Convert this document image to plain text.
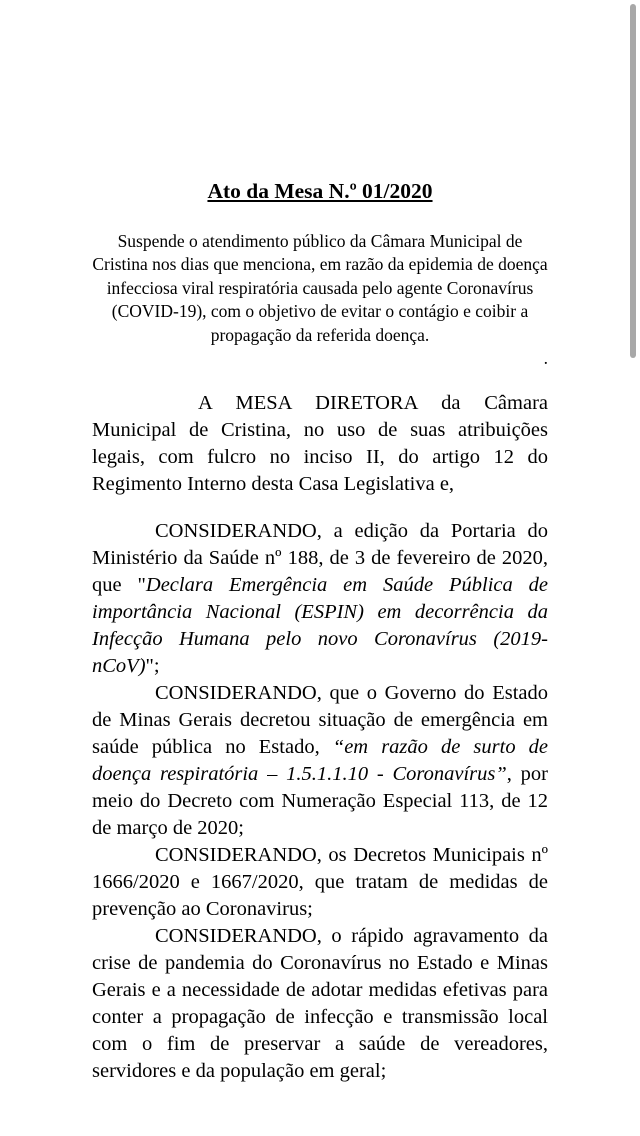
Ato da Mesa N.º 01/2020

Suspende o atendimento público da Câmara Municipal de Cristina nos dias que menciona, em razão da epidemia de doença infecciosa viral respiratória causada pelo agente Coronavírus (COVID-19), com o objetivo de evitar o contágio e coibir a propagação da referida doença.

.

A MESA DIRETORA da Câmara Municipal de Cristina, no uso de suas atribuições legais, com fulcro no inciso II, do artigo 12 do Regimento Interno desta Casa Legislativa e,

CONSIDERANDO, a edição da Portaria do Ministério da Saúde nº 188, de 3 de fevereiro de 2020, que "Declara Emergência em Saúde Pública de importância Nacional (ESPIN) em decorrência da Infecção Humana pelo novo Coronavírus (2019-nCoV)";

CONSIDERANDO, que o Governo do Estado de Minas Gerais decretou situação de emergência em saúde pública no Estado, “em razão de surto de doença respiratória – 1.5.1.1.10 - Coronavírus”, por meio do Decreto com Numeração Especial 113, de 12 de março de 2020;

CONSIDERANDO, os Decretos Municipais nº 1666/2020 e 1667/2020, que tratam de medidas de prevenção ao Coronavirus;

CONSIDERANDO, o rápido agravamento da crise de pandemia do Coronavírus no Estado e Minas Gerais e a necessidade de adotar medidas efetivas para conter a propagação de infecção e transmissão local com o fim de preservar a saúde de vereadores, servidores e da população em geral;
